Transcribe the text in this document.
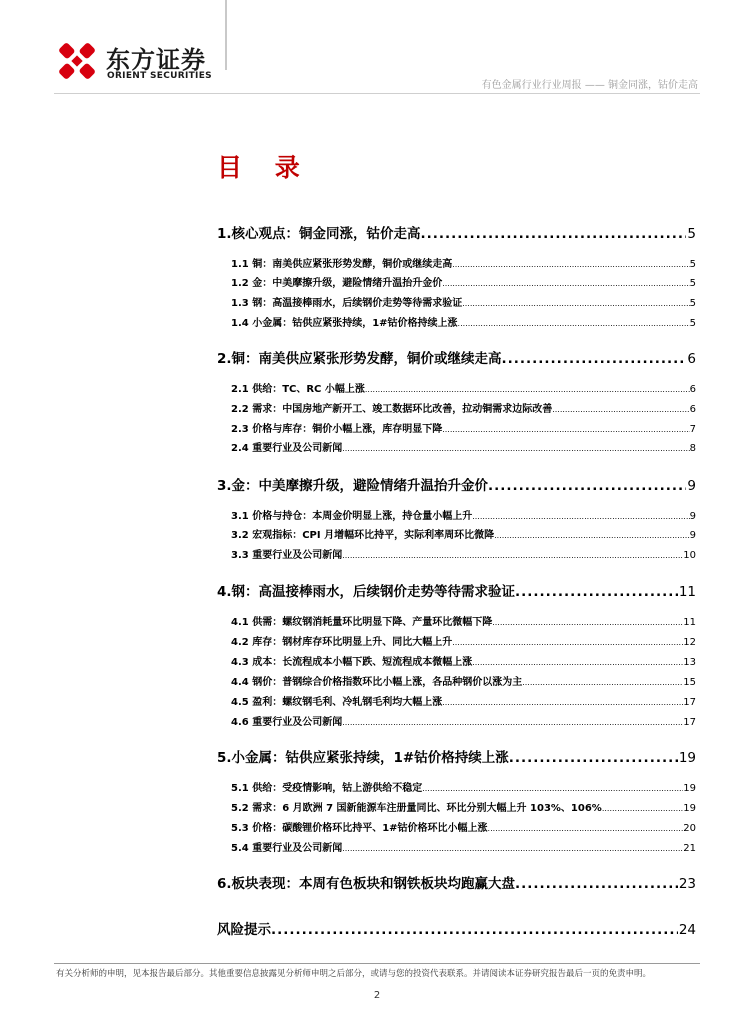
东方证券
ORIENT SECURITIES
有色金属行业行业周报 —— 铜金同涨，钴价走高
目 录
1.核心观点：铜金同涨，钴价走高 .....	5
1.1 铜：南美供应紧张形势发酵，铜价或继续走高 .....	5
1.2 金：中美摩擦升级，避险情绪升温抬升金价 .....	5
1.3 钢：高温接棒雨水，后续钢价走势等待需求验证 .....	5
1.4 小金属：钴供应紧张持续，1#钴价格持续上涨 .....	5
2.铜：南美供应紧张形势发酵，铜价或继续走高 .....	6
2.1 供给：TC、RC 小幅上涨 .....	6
2.2 需求：中国房地产新开工、竣工数据环比改善，拉动铜需求边际改善 .....	6
2.3 价格与库存：铜价小幅上涨，库存明显下降 .....	7
2.4 重要行业及公司新闻 .....	8
3.金：中美摩擦升级，避险情绪升温抬升金价 .....	9
3.1 价格与持仓：本周金价明显上涨，持仓量小幅上升 .....	9
3.2 宏观指标：CPI 月增幅环比持平，实际利率周环比微降 .....	9
3.3 重要行业及公司新闻 .....	10
4.钢：高温接棒雨水，后续钢价走势等待需求验证 .....	11
4.1 供需：螺纹钢消耗量环比明显下降、产量环比微幅下降 .....	11
4.2 库存：钢材库存环比明显上升、同比大幅上升 .....	12
4.3 成本：长流程成本小幅下跌、短流程成本微幅上涨 .....	13
4.4 钢价：普钢综合价格指数环比小幅上涨，各品种钢价以涨为主 .....	15
4.5 盈利：螺纹钢毛利、冷轧钢毛利均大幅上涨 .....	17
4.6 重要行业及公司新闻 .....	17
5.小金属：钴供应紧张持续，1#钴价格持续上涨 .....	19
5.1 供给：受疫情影响，钴上游供给不稳定 .....	19
5.2 需求：6 月欧洲 7 国新能源车注册量同比、环比分别大幅上升 103%、106% .....	19
5.3 价格：碳酸锂价格环比持平、1#钴价格环比小幅上涨 .....	20
5.4 重要行业及公司新闻 .....	21
6.板块表现：本周有色板块和钢铁板块均跑赢大盘 .....	23
风险提示 .....	24
有关分析师的申明，见本报告最后部分。其他重要信息披露见分析师申明之后部分，或请与您的投资代表联系。并请阅读本证券研究报告最后一页的免责申明。
2
